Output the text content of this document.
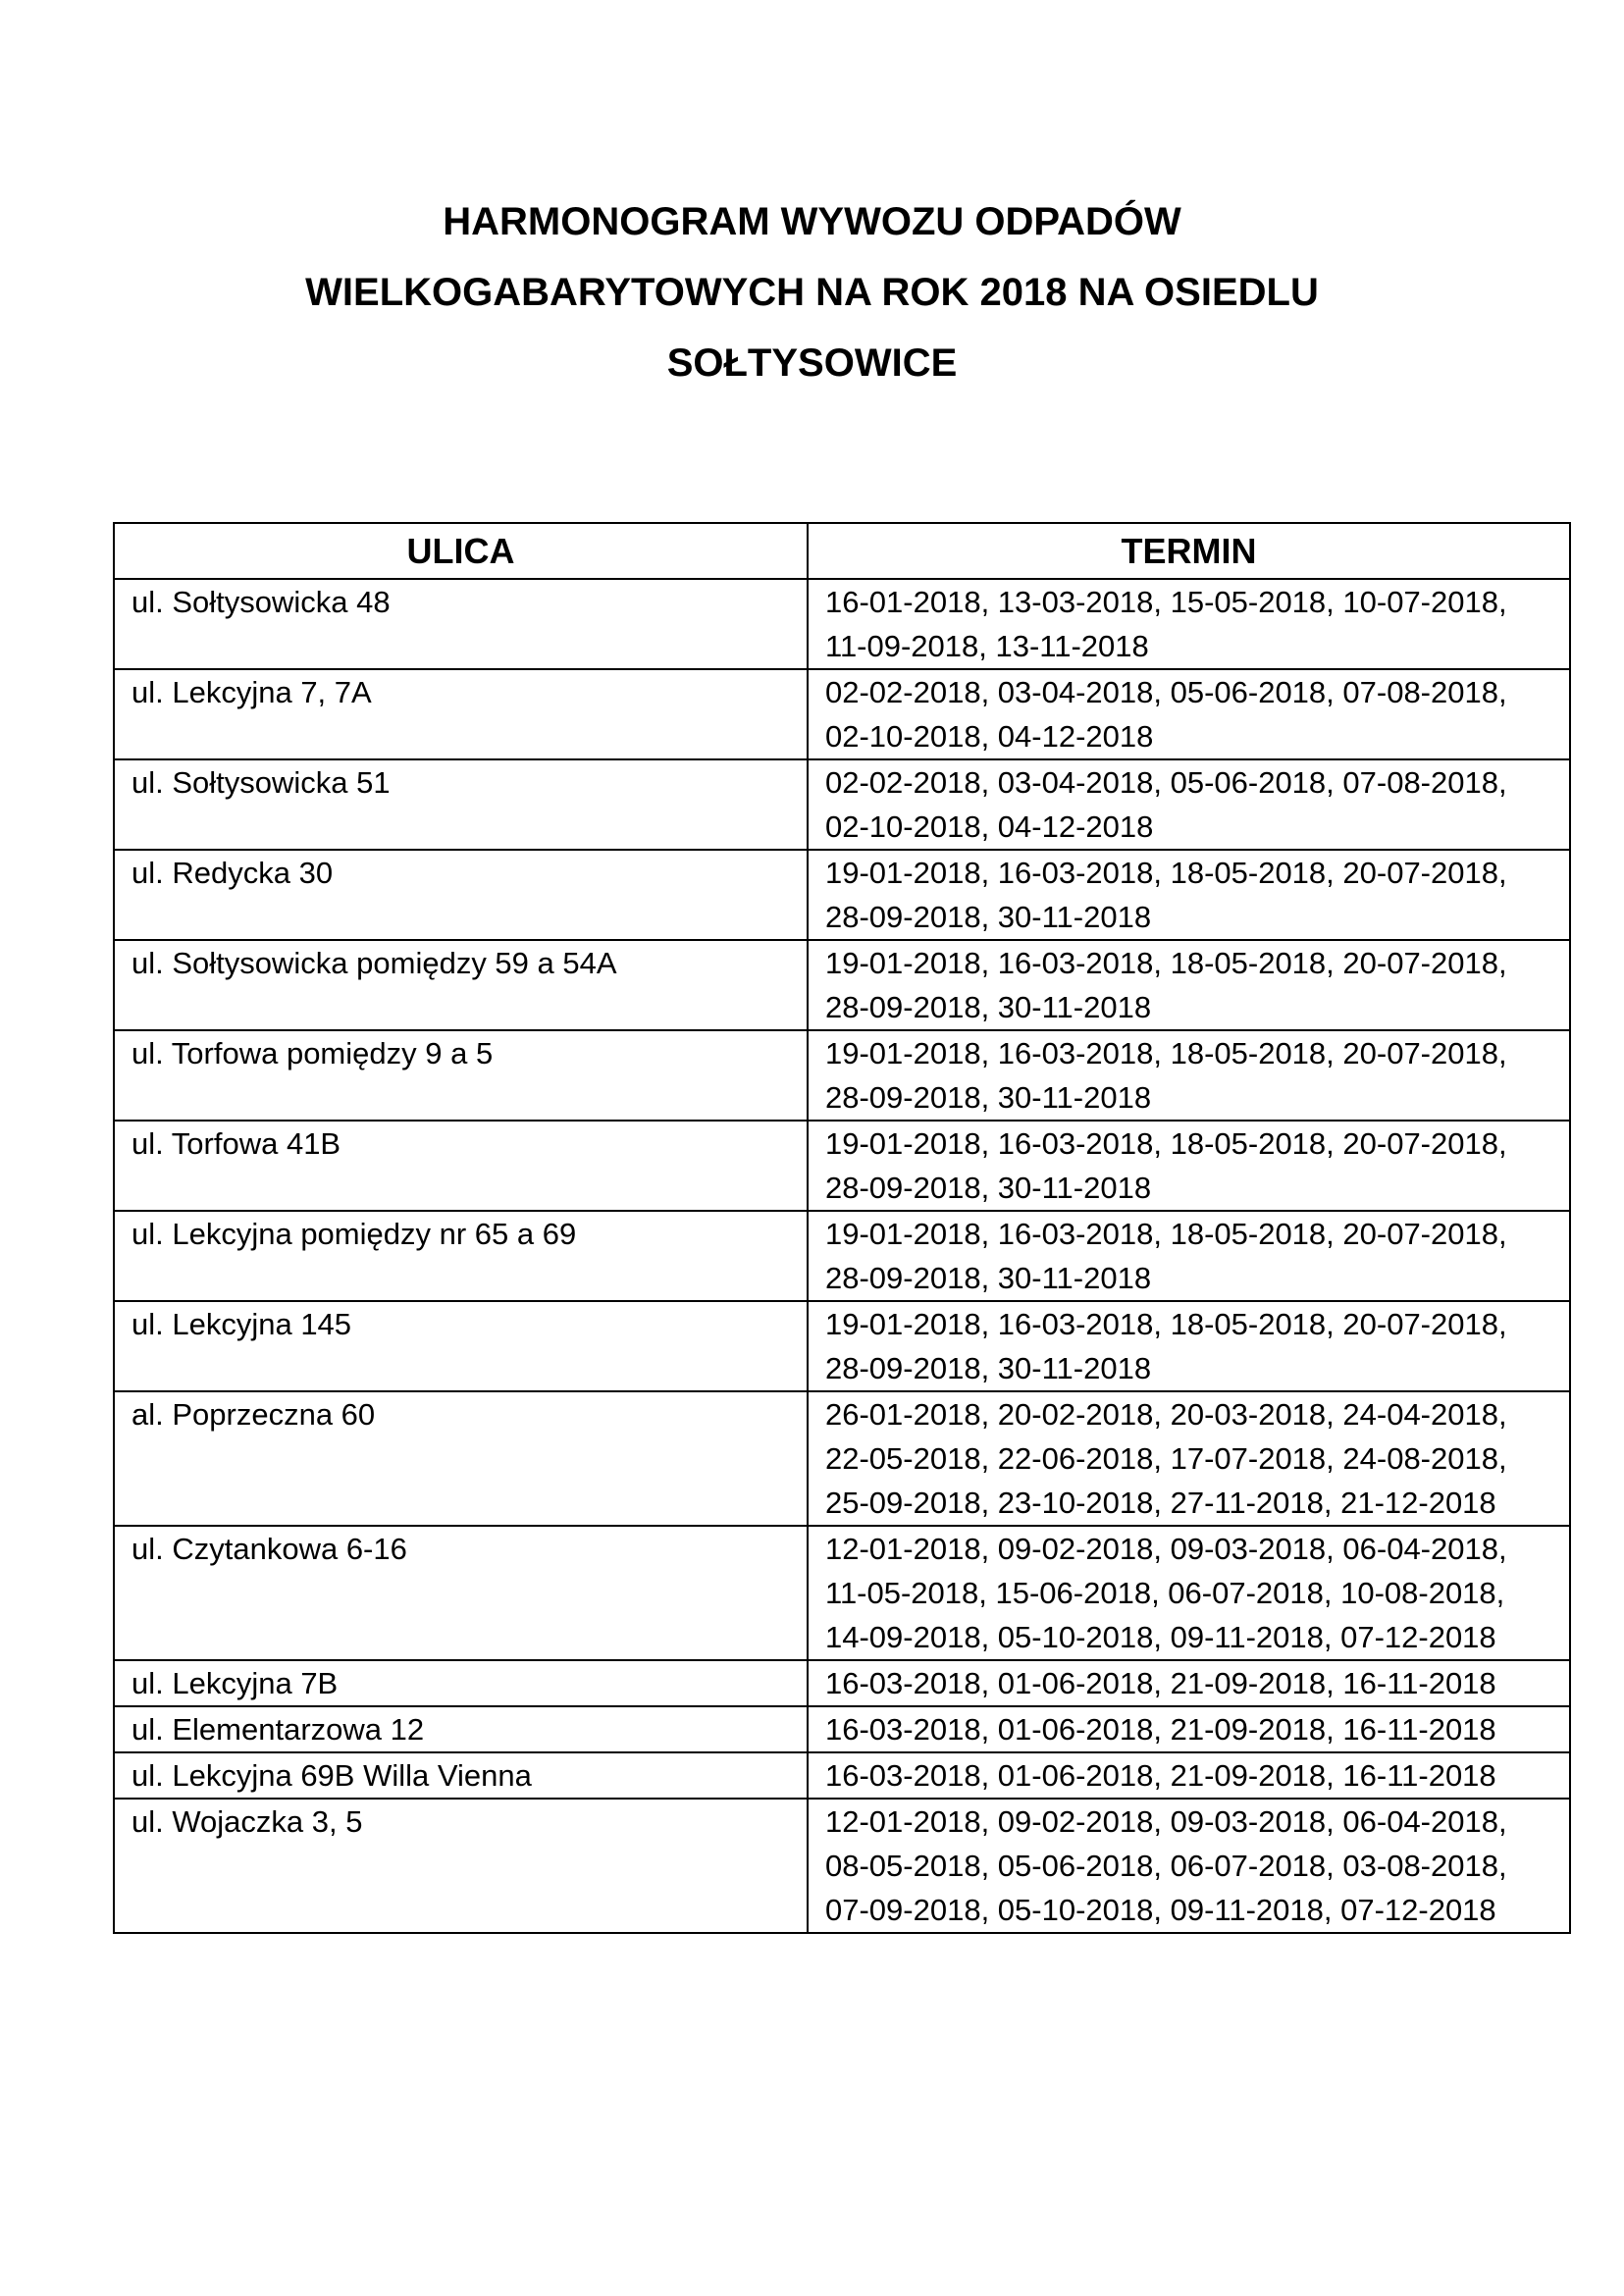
HARMONOGRAM WYWOZU ODPADÓW
WIELKOGABARYTOWYCH NA ROK 2018 NA OSIEDLU
SOŁTYSOWICE
ULICA	TERMIN
ul. Sołtysowicka 48	16-01-2018, 13-03-2018, 15-05-2018, 10-07-2018,
11-09-2018, 13-11-2018

ul. Lekcyjna 7, 7A	02-02-2018, 03-04-2018, 05-06-2018, 07-08-2018,
02-10-2018, 04-12-2018

ul. Sołtysowicka 51	02-02-2018, 03-04-2018, 05-06-2018, 07-08-2018,
02-10-2018, 04-12-2018

ul. Redycka 30	19-01-2018, 16-03-2018, 18-05-2018, 20-07-2018,
28-09-2018, 30-11-2018

ul. Sołtysowicka pomiędzy 59 a 54A	19-01-2018, 16-03-2018, 18-05-2018, 20-07-2018,
28-09-2018, 30-11-2018

ul. Torfowa pomiędzy 9 a 5	19-01-2018, 16-03-2018, 18-05-2018, 20-07-2018,
28-09-2018, 30-11-2018

ul. Torfowa 41B	19-01-2018, 16-03-2018, 18-05-2018, 20-07-2018,
28-09-2018, 30-11-2018

ul. Lekcyjna pomiędzy nr 65 a 69	19-01-2018, 16-03-2018, 18-05-2018, 20-07-2018,
28-09-2018, 30-11-2018

ul. Lekcyjna 145	19-01-2018, 16-03-2018, 18-05-2018, 20-07-2018,
28-09-2018, 30-11-2018

al. Poprzeczna 60	26-01-2018, 20-02-2018, 20-03-2018, 24-04-2018,
22-05-2018, 22-06-2018, 17-07-2018, 24-08-2018,
25-09-2018, 23-10-2018, 27-11-2018, 21-12-2018

ul. Czytankowa 6-16	12-01-2018, 09-02-2018, 09-03-2018, 06-04-2018,
11-05-2018, 15-06-2018, 06-07-2018, 10-08-2018,
14-09-2018, 05-10-2018, 09-11-2018, 07-12-2018

ul. Lekcyjna 7B	16-03-2018, 01-06-2018, 21-09-2018, 16-11-2018

ul. Elementarzowa 12	16-03-2018, 01-06-2018, 21-09-2018, 16-11-2018

ul. Lekcyjna 69B Willa Vienna	16-03-2018, 01-06-2018, 21-09-2018, 16-11-2018

ul. Wojaczka 3, 5	12-01-2018, 09-02-2018, 09-03-2018, 06-04-2018,
08-05-2018, 05-06-2018, 06-07-2018, 03-08-2018,
07-09-2018, 05-10-2018, 09-11-2018, 07-12-2018
